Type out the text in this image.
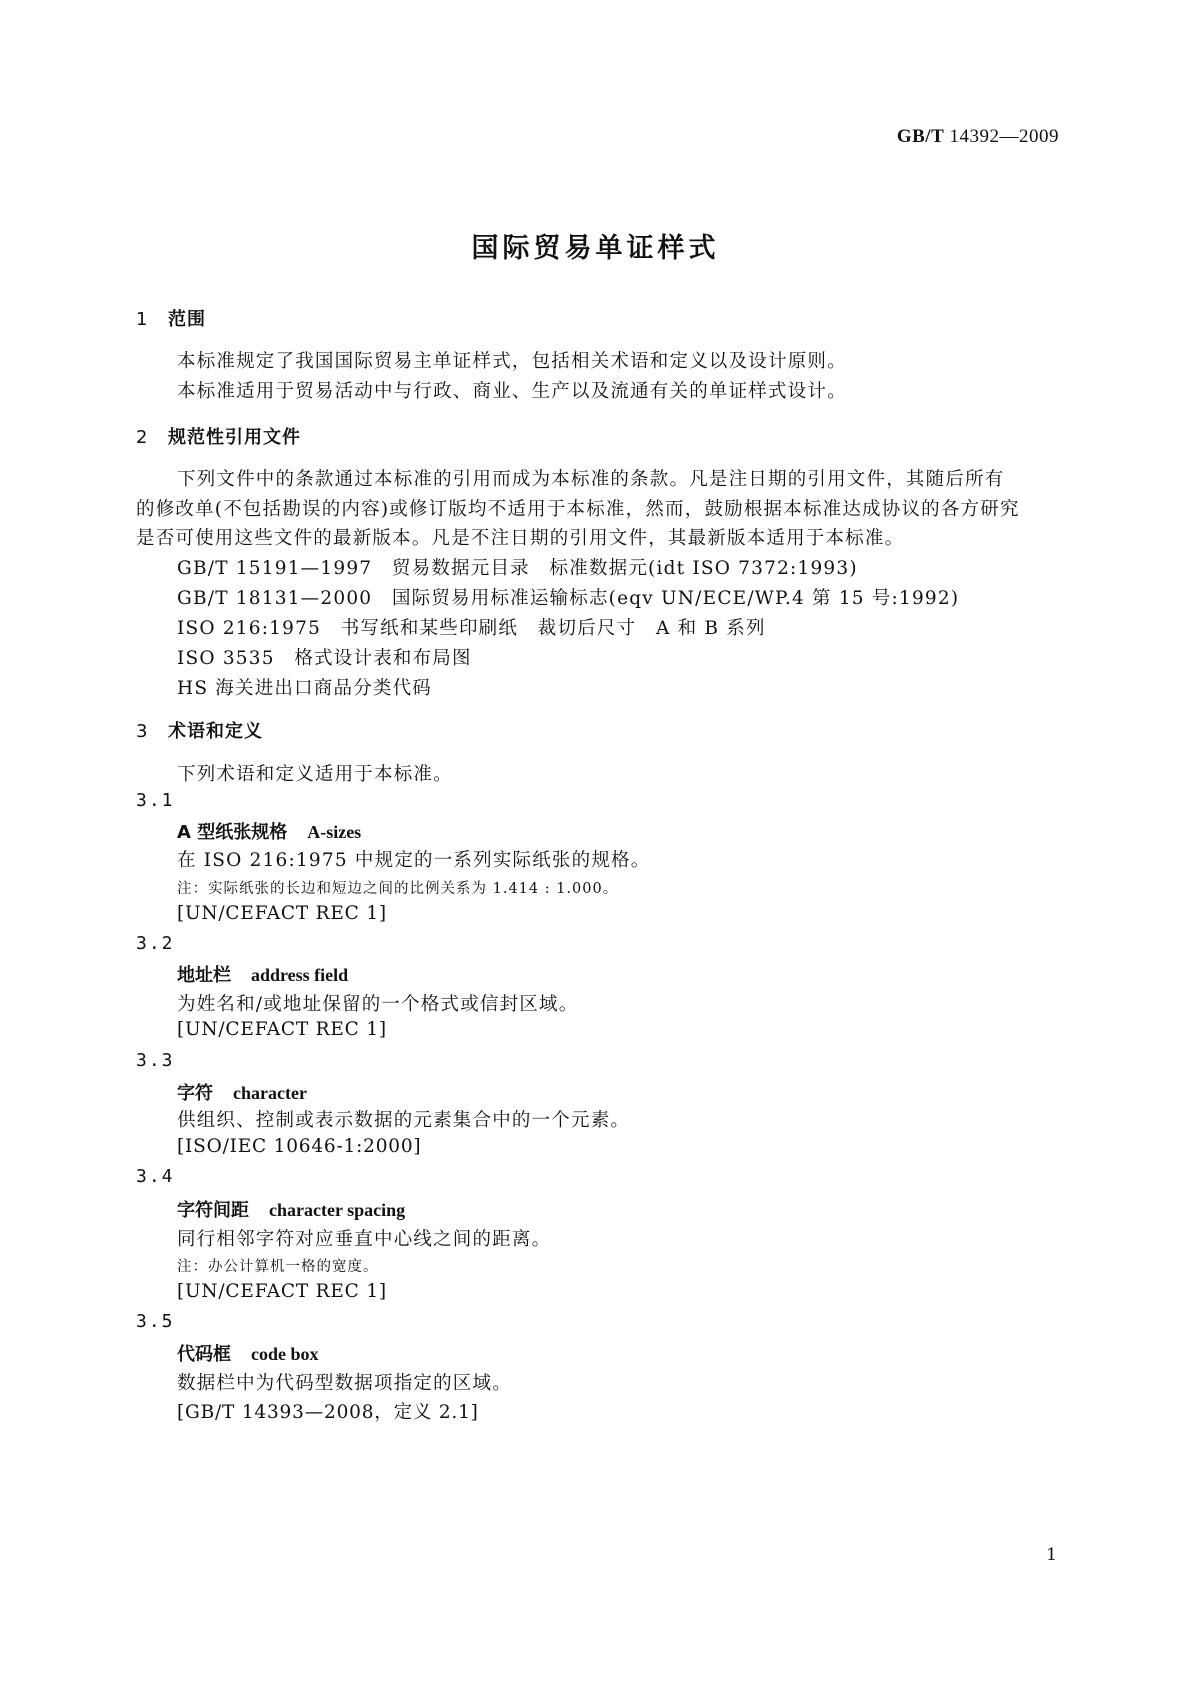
GB/T 14392—2009
国际贸易单证样式
1 范围
本标准规定了我国国际贸易主单证样式，包括相关术语和定义以及设计原则。
本标准适用于贸易活动中与行政、商业、生产以及流通有关的单证样式设计。
2 规范性引用文件
下列文件中的条款通过本标准的引用而成为本标准的条款。凡是注日期的引用文件，其随后所有
的修改单(不包括勘误的内容)或修订版均不适用于本标准，然而，鼓励根据本标准达成协议的各方研究
是否可使用这些文件的最新版本。凡是不注日期的引用文件，其最新版本适用于本标准。
GB/T 15191—1997　贸易数据元目录　标准数据元(idt ISO 7372:1993)
GB/T 18131—2000　国际贸易用标准运输标志(eqv UN/ECE/WP.4 第 15 号:1992)
ISO 216:1975　书写纸和某些印刷纸　裁切后尺寸　A 和 B 系列
ISO 3535　格式设计表和布局图
HS 海关进出口商品分类代码
3 术语和定义
下列术语和定义适用于本标准。
3.1
A 型纸张规格 A-sizes
在 ISO 216:1975 中规定的一系列实际纸张的规格。
注：实际纸张的长边和短边之间的比例关系为 1.414 : 1.000。
[UN/CEFACT REC 1]
3.2
地址栏 address field
为姓名和/或地址保留的一个格式或信封区域。
[UN/CEFACT REC 1]
3.3
字符 character
供组织、控制或表示数据的元素集合中的一个元素。
[ISO/IEC 10646-1:2000]
3.4
字符间距 character spacing
同行相邻字符对应垂直中心线之间的距离。
注：办公计算机一格的宽度。
[UN/CEFACT REC 1]
3.5
代码框 code box
数据栏中为代码型数据项指定的区域。
[GB/T 14393—2008，定义 2.1]
1
